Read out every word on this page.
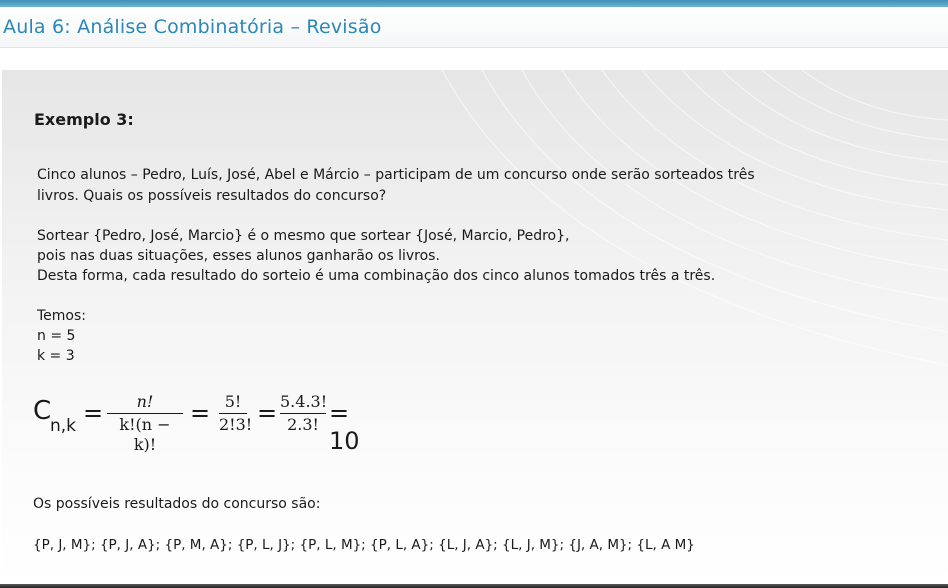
Aula 6: Análise Combinatória – Revisão
Exemplo 3:
Cinco alunos – Pedro, Luís, José, Abel e Márcio – participam de um concurso onde serão sorteados três
livros. Quais os possíveis resultados do concurso?
Sortear {Pedro, José, Marcio} é o mesmo que sortear {José, Marcio, Pedro},
pois nas duas situações, esses alunos ganharão os livros.
Desta forma, cada resultado do sorteio é uma combinação dos cinco alunos tomados três a três.
Temos:
n = 5
k = 3
C
n,k =	n!
k!(n − k)!
= 5!
2!3! = 5.4.3!
2.3! = 10
Os possíveis resultados do concurso são:
{P, J, M}; {P, J, A}; {P, M, A}; {P, L, J}; {P, L, M}; {P, L, A}; {L, J, A}; {L, J, M}; {J, A, M}; {L, A M}
